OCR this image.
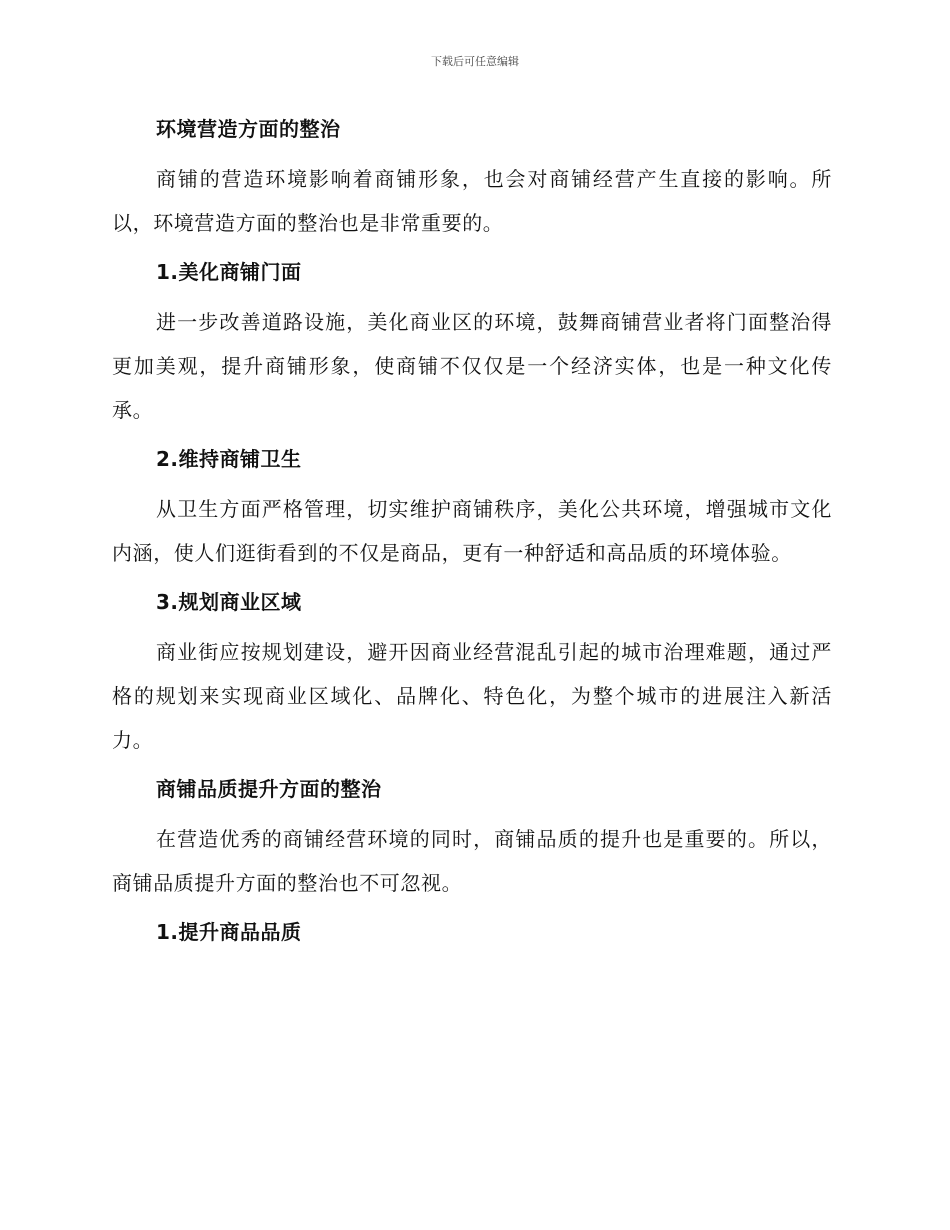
下载后可任意编辑
环境营造方面的整治
商铺的营造环境影响着商铺形象，也会对商铺经营产生直接的影响。所以，环境营造方面的整治也是非常重要的。
1.美化商铺门面
进一步改善道路设施，美化商业区的环境，鼓舞商铺营业者将门面整治得更加美观，提升商铺形象，使商铺不仅仅是一个经济实体，也是一种文化传承。
2.维持商铺卫生
从卫生方面严格管理，切实维护商铺秩序，美化公共环境，增强城市文化内涵，使人们逛街看到的不仅是商品，更有一种舒适和高品质的环境体验。
3.规划商业区域
商业街应按规划建设，避开因商业经营混乱引起的城市治理难题，通过严格的规划来实现商业区域化、品牌化、特色化，为整个城市的进展注入新活力。
商铺品质提升方面的整治
在营造优秀的商铺经营环境的同时，商铺品质的提升也是重要的。所以，商铺品质提升方面的整治也不可忽视。
1.提升商品品质
